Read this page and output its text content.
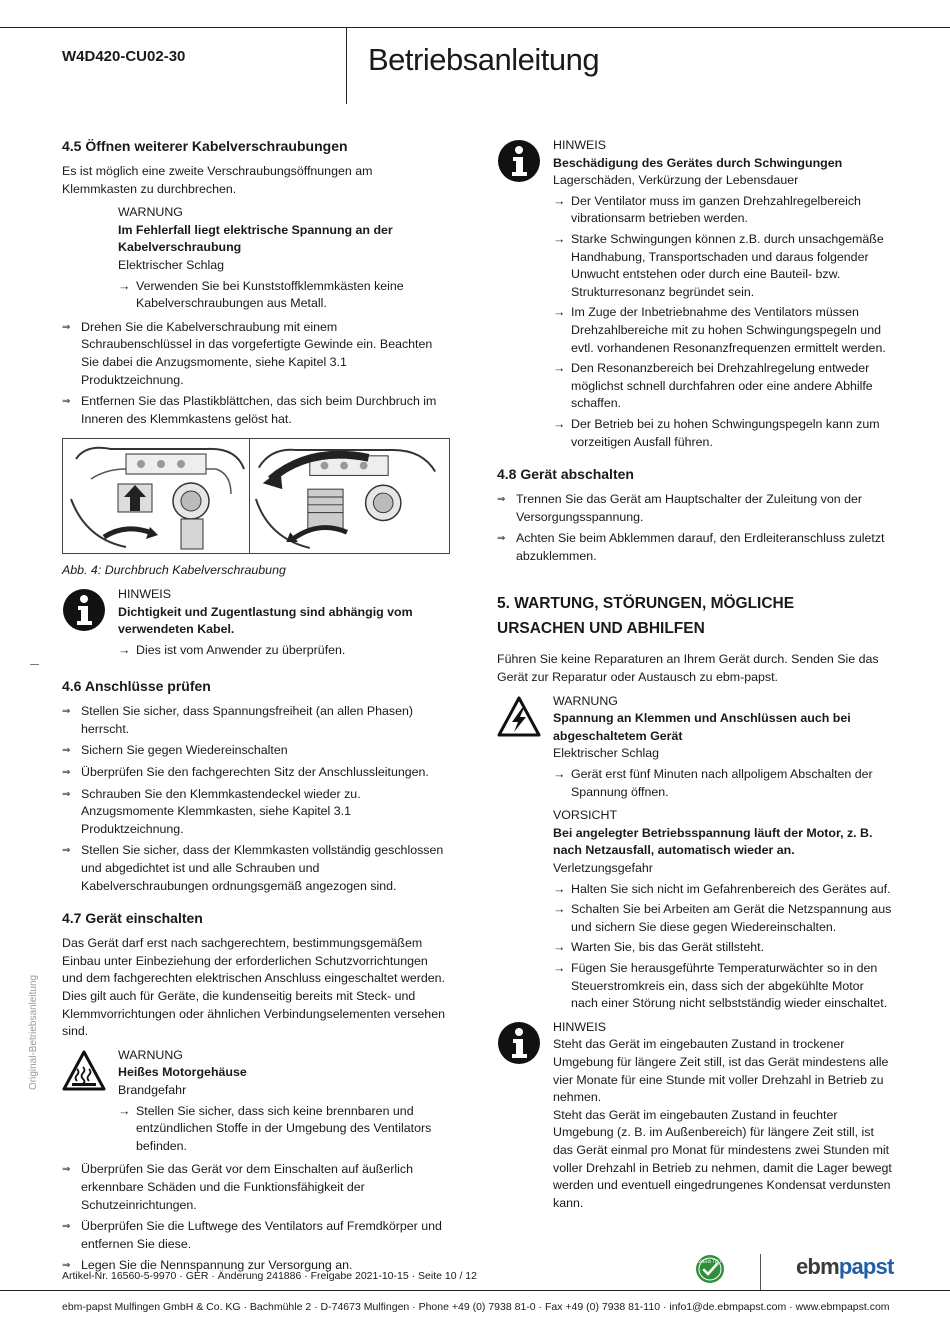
W4D420-CU02-30	Betriebsanleitung
Original-Betriebsanleitung
4.5 Öffnen weiterer Kabelverschraubungen

Es ist möglich eine zweite Verschraubungsöffnungen am Klemmkasten zu durchbrechen.

WARNUNG
Im Fehlerfall liegt elektrische Spannung an der Kabelverschraubung
Elektrischer Schlag
→ Verwenden Sie bei Kunststoffklemmkästen keine Kabelverschraubungen aus Metall.
⇒ Drehen Sie die Kabelverschraubung mit einem Schraubenschlüssel in das vorgefertigte Gewinde ein. Beachten Sie dabei die Anzugsmomente, siehe Kapitel 3.1 Produktzeichnung.
⇒ Entfernen Sie das Plastikblättchen, das sich beim Durchbruch im Inneren des Klemmkastens gelöst hat.
Abb. 4: Durchbruch Kabelverschraubung
HINWEIS
Dichtigkeit und Zugentlastung sind abhängig vom verwendeten Kabel.
→ Dies ist vom Anwender zu überprüfen.
4.6 Anschlüsse prüfen
⇒ Stellen Sie sicher, dass Spannungsfreiheit (an allen Phasen) herrscht.
⇒ Sichern Sie gegen Wiedereinschalten
⇒ Überprüfen Sie den fachgerechten Sitz der Anschlussleitungen.
⇒ Schrauben Sie den Klemmkastendeckel wieder zu. Anzugsmomente Klemmkasten, siehe Kapitel 3.1 Produktzeichnung.
⇒ Stellen Sie sicher, dass der Klemmkasten vollständig geschlossen und abgedichtet ist und alle Schrauben und Kabelverschraubungen ordnungsgemäß angezogen sind.
4.7 Gerät einschalten

Das Gerät darf erst nach sachgerechtem, bestimmungsgemäßem Einbau unter Einbeziehung der erforderlichen Schutzvorrichtungen und dem fachgerechten elektrischen Anschluss eingeschaltet werden. Dies gilt auch für Geräte, die kundenseitig bereits mit Steck- und Klemmvorrichtungen oder ähnlichen Verbindungselementen versehen sind.

WARNUNG
Heißes Motorgehäuse
Brandgefahr
→ Stellen Sie sicher, dass sich keine brennbaren und entzündlichen Stoffe in der Umgebung des Ventilators befinden.
⇒ Überprüfen Sie das Gerät vor dem Einschalten auf äußerlich erkennbare Schäden und die Funktionsfähigkeit der Schutzeinrichtungen.
⇒ Überprüfen Sie die Luftwege des Ventilators auf Fremdkörper und entfernen Sie diese.
⇒ Legen Sie die Nennspannung zur Versorgung an.
HINWEIS
Beschädigung des Gerätes durch Schwingungen
Lagerschäden, Verkürzung der Lebensdauer
→ Der Ventilator muss im ganzen Drehzahlregelbereich vibrationsarm betrieben werden.
→ Starke Schwingungen können z.B. durch unsachgemäße Handhabung, Transportschaden und daraus folgender Unwucht entstehen oder durch eine Bauteil- bzw. Strukturresonanz begründet sein.
→ Im Zuge der Inbetriebnahme des Ventilators müssen Drehzahlbereiche mit zu hohen Schwingungspegeln und evtl. vorhandenen Resonanzfrequenzen ermittelt werden.
→ Den Resonanzbereich bei Drehzahlregelung entweder möglichst schnell durchfahren oder eine andere Abhilfe schaffen.
→ Der Betrieb bei zu hohen Schwingungspegeln kann zum vorzeitigen Ausfall führen.
4.8 Gerät abschalten
⇒ Trennen Sie das Gerät am Hauptschalter der Zuleitung von der Versorgungsspannung.
⇒ Achten Sie beim Abklemmen darauf, den Erdleiteranschluss zuletzt abzuklemmen.
5. WARTUNG, STÖRUNGEN, MÖGLICHE
URSACHEN UND ABHILFEN

Führen Sie keine Reparaturen an Ihrem Gerät durch. Senden Sie das Gerät zur Reparatur oder Austausch zu ebm-papst.

WARNUNG
Spannung an Klemmen und Anschlüssen auch bei abgeschaltetem Gerät
Elektrischer Schlag
→ Gerät erst fünf Minuten nach allpoligem Abschalten der Spannung öffnen.
VORSICHT
Bei angelegter Betriebsspannung läuft der Motor, z. B. nach Netzausfall, automatisch wieder an.
Verletzungsgefahr
→ Halten Sie sich nicht im Gefahrenbereich des Gerätes auf.
→ Schalten Sie bei Arbeiten am Gerät die Netzspannung aus und sichern Sie diese gegen Wiedereinschalten.
→ Warten Sie, bis das Gerät stillsteht.
→ Fügen Sie herausgeführte Temperaturwächter so in den Steuerstromkreis ein, dass sich der abgekühlte Motor nach einer Störung nicht selbstständig wieder einschaltet.
HINWEIS
Steht das Gerät im eingebauten Zustand in trockener Umgebung für längere Zeit still, ist das Gerät mindestens alle vier Monate für eine Stunde mit voller Drehzahl in Betrieb zu nehmen.
Steht das Gerät im eingebauten Zustand in feuchter Umgebung (z. B. im Außenbereich) für längere Zeit still, ist das Gerät einmal pro Monat für mindestens zwei Stunden mit voller Drehzahl in Betrieb zu nehmen, damit die Lager bewegt werden und eventuell eingedrungenes Kondensat verdunsten kann.
Artikel-Nr. 16560-5-9970 · GER · Änderung 241886 · Freigabe 2021-10-15 · Seite 10 / 12
GREEN TECH	ebmpapst
ebm-papst Mulfingen GmbH & Co. KG · Bachmühle 2 · D-74673 Mulfingen · Phone +49 (0) 7938 81-0 · Fax +49 (0) 7938 81-110 · info1@de.ebmpapst.com · www.ebmpapst.com
